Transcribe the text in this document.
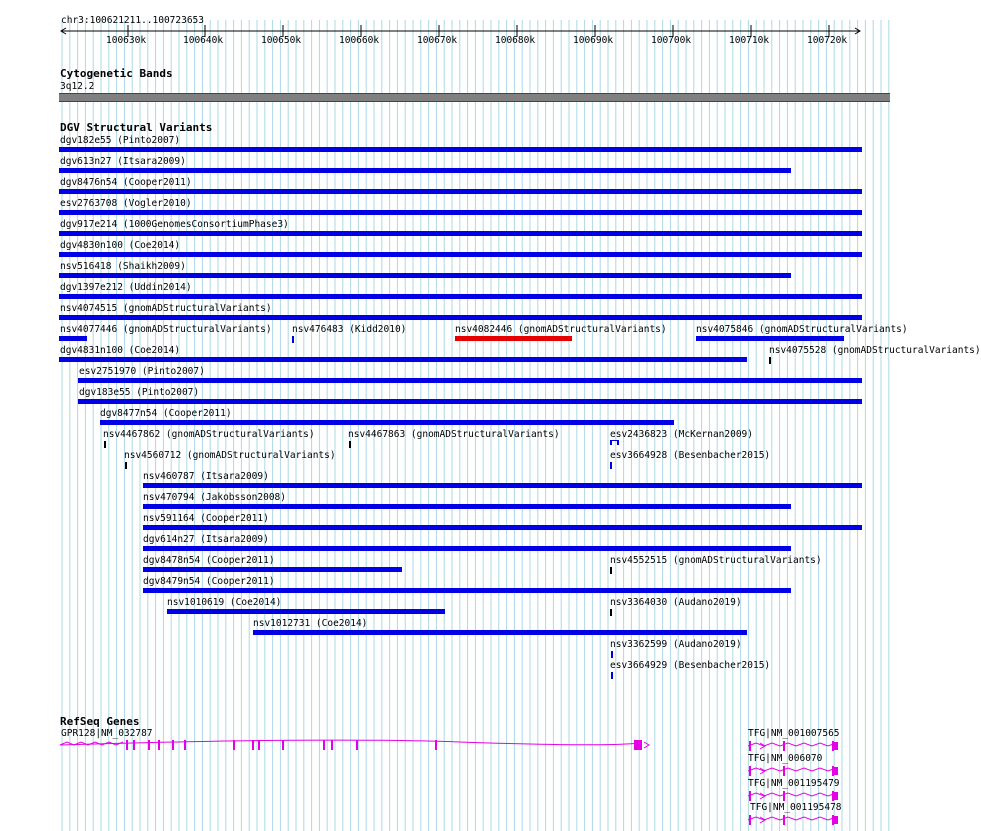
chr3:100621211..100723653
100630k	100640k	100650k	100660k	100670k	100680k	100690k	100700k	100710k	100720k
Cytogenetic Bands
3q12.2
DGV Structural Variants
dgv182e55 (Pinto2007)
dgv613n27 (Itsara2009)
dgv8476n54 (Cooper2011)
esv2763708 (Vogler2010)
dgv917e214 (1000GenomesConsortiumPhase3)
dgv4830n100 (Coe2014)
nsv516418 (Shaikh2009)
dgv1397e212 (Uddin2014)
nsv4074515 (gnomADStructuralVariants)
nsv4077446 (gnomADStructuralVariants) nsv476483 (Kidd2010)	nsv4082446 (gnomADStructuralVariants)	nsv4075846 (gnomADStructuralVariants)
dgv4831n100 (Coe2014)	nsv4075528 (gnomADStructuralVariants)
esv2751970 (Pinto2007)
dgv183e55 (Pinto2007)
dgv8477n54 (Cooper2011)
nsv4467862 (gnomADStructuralVariants)	nsv4467863 (gnomADStructuralVariants)	esv2436823 (McKernan2009)
nsv4560712 (gnomADStructuralVariants)	esv3664928 (Besenbacher2015)
nsv460787 (Itsara2009)
nsv470794 (Jakobsson2008)
nsv591164 (Cooper2011)
dgv614n27 (Itsara2009)
dgv8478n54 (Cooper2011)	nsv4552515 (gnomADStructuralVariants)
dgv8479n54 (Cooper2011)
nsv1010619 (Coe2014)	nsv3364030 (Audano2019)
nsv1012731 (Coe2014)
nsv3362599 (Audano2019)
esv3664929 (Besenbacher2015)
RefSeq Genes
GPR128|NM_032787	TFG|NM_001007565
TFG|NM_006070
TFG|NM_001195479
TFG|NM_001195478
